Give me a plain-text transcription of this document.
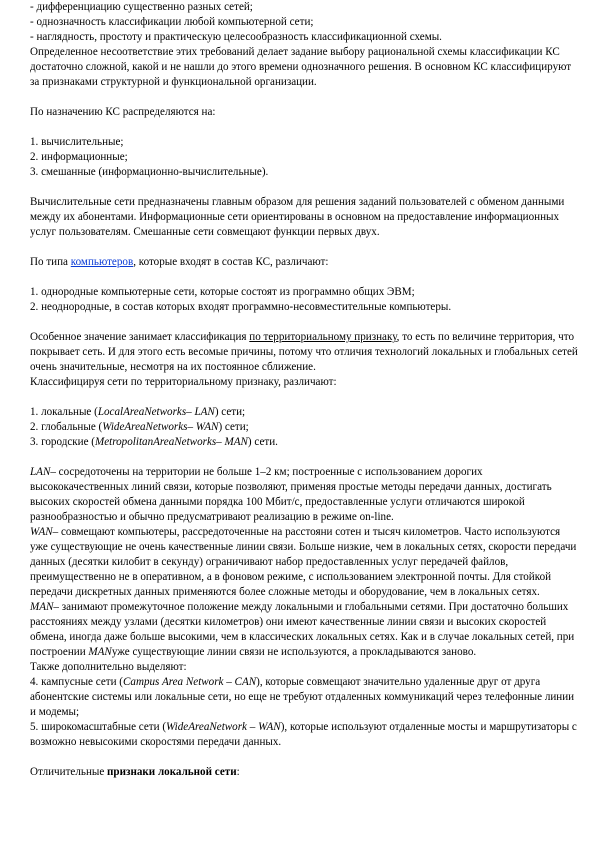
- дифференциацию существенно разных сетей;

- однозначность классификации любой компьютерной сети;

- наглядность, простоту и практическую целесообразность классификационной схемы.

Определенное несоответствие этих требований делает задание выбору рациональной схемы классификации КС достаточно сложной, какой и не нашли до этого времени однозначного решения. В основном КС классифицируют за признаками структурной и функциональной организации.

По назначению КС распределяются на:

1. вычислительные;

2. информационные;

3. смешанные (информационно-вычислительные).

Вычислительные сети предназначены главным образом для решения заданий пользователей с обменом данными между их абонентами. Информационные сети ориентированы в основном на предоставление информационных услуг пользователям. Смешанные сети совмещают функции первых двух.

По типа компьютеров, которые входят в состав КС, различают:

1. однородные компьютерные сети, которые состоят из программно общих ЭВМ;

2. неоднородные, в состав которых входят программно-несовместительные компьютеры.

Особенное значение занимает классификация по территориальному признаку, то есть по величине территория, что покрывает сеть. И для этого есть весомые причины, потому что отличия технологий локальных и глобальных сетей очень значительные, несмотря на их постоянное сближение.

Классифицируя сети по территориальному признаку, различают:

1. локальные (LocalAreaNetworks– LAN) сети;

2. глобальные (WideAreaNetworks– WAN) сети;

3. городские (MetropolitanAreaNetworks– MAN) сети.

LAN– сосредоточены на территории не больше 1–2 км; построенные с использованием дорогих высококачественных линий связи, которые позволяют, применяя простые методы передачи данных, достигать высоких скоростей обмена данными порядка 100 Мбит/с, предоставленные услуги отличаются широкой разнообразностью и обычно предусматривают реализацию в режиме on-line.

WAN– совмещают компьютеры, рассредоточенные на расстояни сотен и тысяч километров. Часто используются уже существующие не очень качественные линии связи. Больше низкие, чем в локальных сетях, скорости передачи данных (десятки килобит в секунду) ограничивают набор предоставленных услуг передачей файлов, преимущественно не в оперативном, а в фоновом режиме, с использованием электронной почты. Для стойкой передачи дискретных данных применяются более сложные методы и оборудование, чем в локальных сетях.

MAN– занимают промежуточное положение между локальными и глобальными сетями. При достаточно больших расстояниях между узлами (десятки километров) они имеют качественные линии связи и высоких скоростей обмена, иногда даже больше высокими, чем в классических локальных сетях. Как и в случае локальных сетей, при построении MANуже существующие линии связи не используются, а прокладываются заново.

Также дополнительно выделяют:

4. кампусные сети (Campus Area Network – CAN), которые совмещают значительно удаленные друг от друга абонентские системы или локальные сети, но еще не требуют отдаленных коммуникаций через телефонные линии и модемы;

5. широкомасштабные сети (WideAreaNetwork – WAN), которые используют отдаленные мосты и маршрутизаторы с возможно невысокими скоростями передачи данных.

Отличительные признаки локальной сети:
